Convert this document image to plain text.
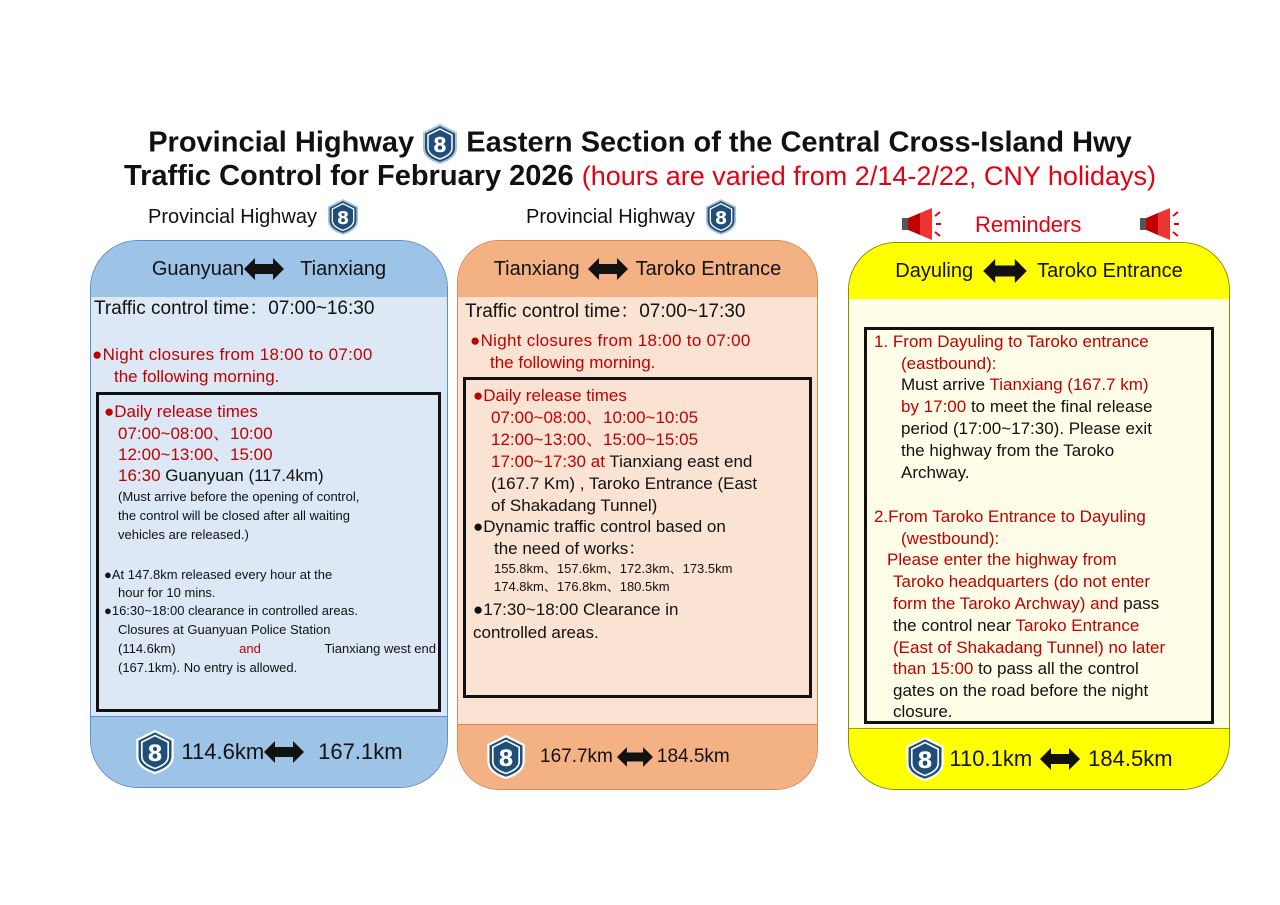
Provincial Highway 8 Eastern Section of the Central Cross-Island Hwy
Traffic Control for February 2026 (hours are varied from 2/14-2/22, CNY holidays)
Provincial Highway 8	Provincial Highway 8	Reminders
Guanyuan	Tianxiang
8 114.6km 167.1km
Traffic control time：07:00~16:30
●Night closures from 18:00 to 07:00
the following morning.
●Daily release times
07:00~08:00、10:00
12:00~13:00、15:00
16:30 Guanyuan (117.4km)
(Must arrive before the opening of control,
the control will be closed after all waiting
vehicles are released.)
●At 147.8km released every hour at the
hour for 10 mins.
●16:30~18:00 clearance in controlled areas.
Closures at Guanyuan Police Station
(114.6km)	and	Tianxiang west end
(167.1km). No entry is allowed.
Tianxiang	Taroko Entrance
8 167.7km 184.5km
Traffic control time：07:00~17:30
●Night closures from 18:00 to 07:00
the following morning.
●Daily release times
07:00~08:00、10:00~10:05
12:00~13:00、15:00~15:05
17:00~17:30 at Tianxiang east end
(167.7 Km) , Taroko Entrance (East
of Shakadang Tunnel)
●Dynamic traffic control based on
the need of works：
155.8km、157.6km、172.3km、173.5km
174.8km、176.8km、180.5km
●17:30~18:00 Clearance in
controlled areas.
Dayuling	Taroko Entrance
8 110.1km	184.5km
1. From Dayuling to Taroko entrance
(eastbound):
Must arrive Tianxiang (167.7 km)
by 17:00 to meet the final release
period (17:00~17:30). Please exit
the highway from the Taroko
Archway.
2.From Taroko Entrance to Dayuling
(westbound):
Please enter the highway from
Taroko headquarters (do not enter
form the Taroko Archway) and pass
the control near Taroko Entrance
(East of Shakadang Tunnel) no later
than 15:00 to pass all the control
gates on the road before the night
closure.
